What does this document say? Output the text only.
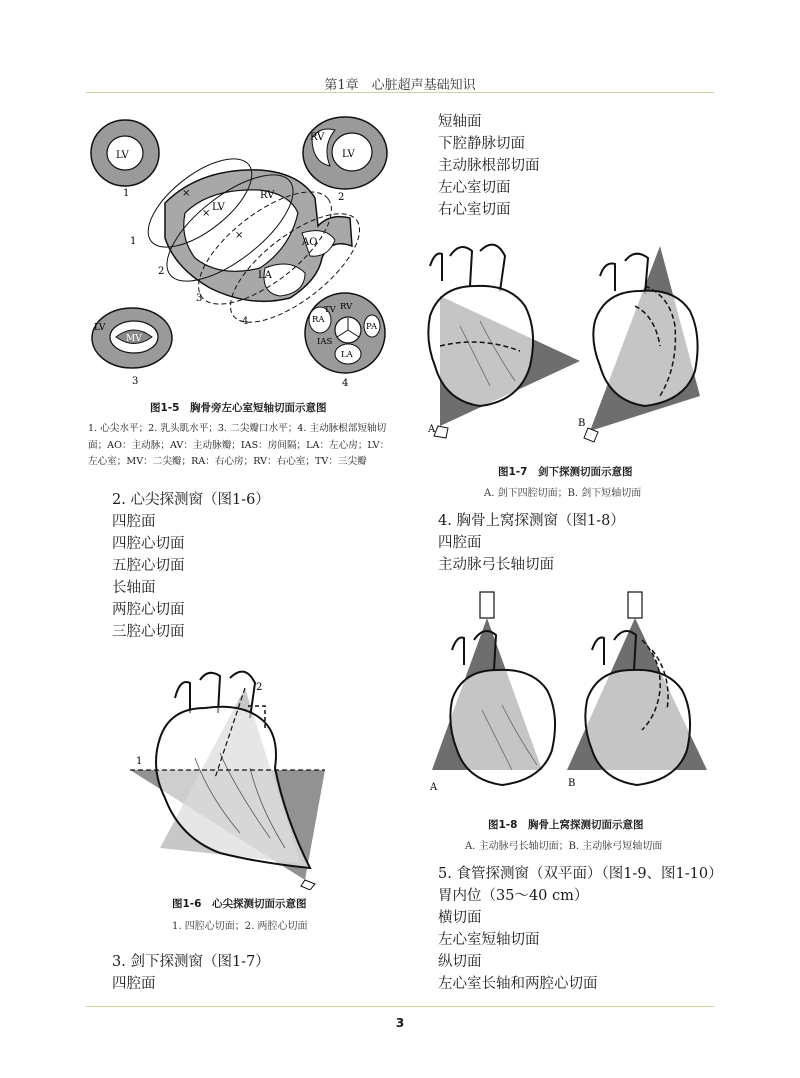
第1章　心脏超声基础知识
LV
1
RV
LV
2
LV
RV
AO
LA
×
×
×
1
2
3
4
MV
LV
3
RV
RA
TV
PA
IAS
LA
4
图1-5　胸骨旁左心室短轴切面示意图
1. 心尖水平；2. 乳头肌水平；3. 二尖瓣口水平；4. 主动脉根部短轴切面；AO：主动脉；AV：主动脉瓣；IAS：房间隔；LA：左心房；LV：左心室；MV：二尖瓣；RA：右心房；RV：右心室；TV：三尖瓣
2. 心尖探测窗（图1-6）
四腔面
四腔心切面
五腔心切面
长轴面
两腔心切面
三腔心切面
1
2
图1-6　心尖探测切面示意图
1. 四腔心切面；2. 两腔心切面
3. 剑下探测窗（图1-7）
四腔面
短轴面
下腔静脉切面
主动脉根部切面
左心室切面
右心室切面
A
B
图1-7　剑下探测切面示意图
A. 剑下四腔切面；B. 剑下短轴切面
4. 胸骨上窝探测窗（图1-8）
四腔面
主动脉弓长轴切面
A	B
图1-8　胸骨上窝探测切面示意图
A. 主动脉弓长轴切面；B. 主动脉弓短轴切面
5. 食管探测窗（双平面）（图1-9、图1-10）
胃内位（35～40 cm）
横切面
左心室短轴切面
纵切面
左心室长轴和两腔心切面
3
